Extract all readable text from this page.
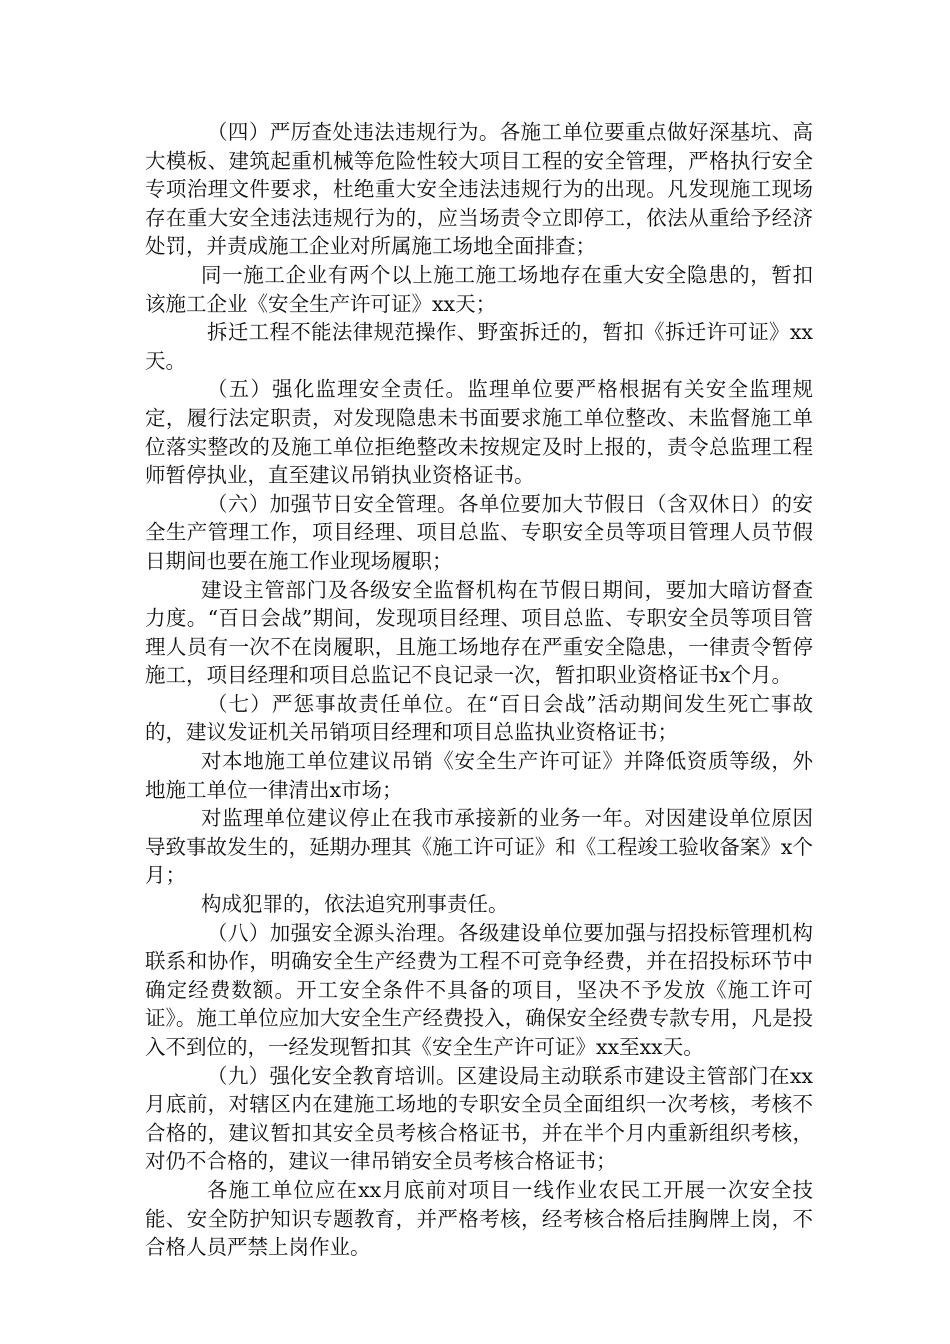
（四）严厉查处违法违规行为。各施工单位要重点做好深基坑、高大模板、建筑起重机械等危险性较大项目工程的安全管理，严格执行安全专项治理文件要求，杜绝重大安全违法违规行为的出现。凡发现施工现场存在重大安全违法违规行为的，应当场责令立即停工，依法从重给予经济处罚，并责成施工企业对所属施工场地全面排查；

同一施工企业有两个以上施工施工场地存在重大安全隐患的，暂扣该施工企业《安全生产许可证》xx天；

拆迁工程不能法律规范操作、野蛮拆迁的，暂扣《拆迁许可证》xx天。

（五）强化监理安全责任。监理单位要严格根据有关安全监理规定，履行法定职责，对发现隐患未书面要求施工单位整改、未监督施工单位落实整改的及施工单位拒绝整改未按规定及时上报的，责令总监理工程师暂停执业，直至建议吊销执业资格证书。

（六）加强节日安全管理。各单位要加大节假日（含双休日）的安全生产管理工作，项目经理、项目总监、专职安全员等项目管理人员节假日期间也要在施工作业现场履职；

建设主管部门及各级安全监督机构在节假日期间，要加大暗访督查力度。“百日会战”期间，发现项目经理、项目总监、专职安全员等项目管理人员有一次不在岗履职，且施工场地存在严重安全隐患，一律责令暂停施工，项目经理和项目总监记不良记录一次，暂扣职业资格证书x个月。

（七）严惩事故责任单位。在“百日会战”活动期间发生死亡事故的，建议发证机关吊销项目经理和项目总监执业资格证书；

对本地施工单位建议吊销《安全生产许可证》并降低资质等级，外地施工单位一律清出x市场；

对监理单位建议停止在我市承接新的业务一年。对因建设单位原因导致事故发生的，延期办理其《施工许可证》和《工程竣工验收备案》x个月；

构成犯罪的，依法追究刑事责任。

（八）加强安全源头治理。各级建设单位要加强与招投标管理机构联系和协作，明确安全生产经费为工程不可竞争经费，并在招投标环节中确定经费数额。开工安全条件不具备的项目，坚决不予发放《施工许可证》。施工单位应加大安全生产经费投入，确保安全经费专款专用，凡是投入不到位的，一经发现暂扣其《安全生产许可证》xx至xx天。

（九）强化安全教育培训。区建设局主动联系市建设主管部门在xx月底前，对辖区内在建施工场地的专职安全员全面组织一次考核，考核不合格的，建议暂扣其安全员考核合格证书，并在半个月内重新组织考核，对仍不合格的，建议一律吊销安全员考核合格证书；

各施工单位应在xx月底前对项目一线作业农民工开展一次安全技能、安全防护知识专题教育，并严格考核，经考核合格后挂胸牌上岗，不合格人员严禁上岗作业。
